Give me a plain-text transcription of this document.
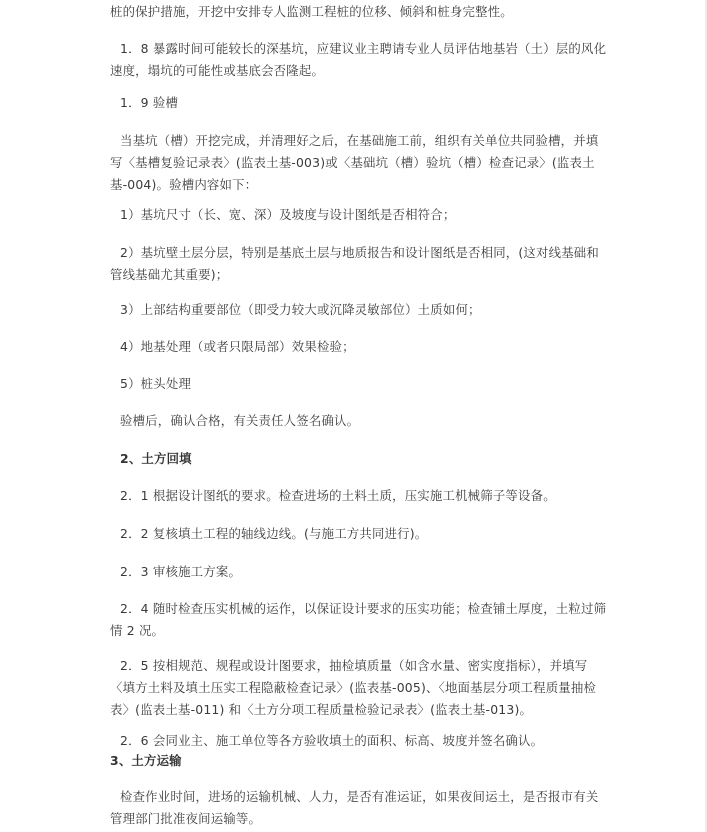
桩的保护措施，开挖中安排专人监测工程桩的位移、倾斜和桩身完整性。

1．8 暴露时间可能较长的深基坑，应建议业主聘请专业人员评估地基岩（土）层的风化速度，塌坑的可能性或基底会否隆起。

1．9 验槽

当基坑（槽）开挖完成，并清理好之后，在基础施工前，组织有关单位共同验槽，并填写〈基槽复验记录表〉(监表土基-003)或〈基础坑（槽）验坑（槽）检查记录〉(监表土基-004)。验槽内容如下：

1）基坑尺寸（长、宽、深）及坡度与设计图纸是否相符合；

2）基坑壁土层分层，特别是基底土层与地质报告和设计图纸是否相同，(这对线基础和管线基础尤其重要)；

3）上部结构重要部位（即受力较大或沉降灵敏部位）土质如何；

4）地基处理（或者只限局部）效果检验；

5）桩头处理

验槽后，确认合格，有关责任人签名确认。

2、土方回填

2．1 根据设计图纸的要求。检查进场的土料土质，压实施工机械筛子等设备。

2．2 复核填土工程的轴线边线。(与施工方共同进行)。

2．3 审核施工方案。

2．4 随时检查压实机械的运作，以保证设计要求的压实功能；检查铺土厚度，土粒过筛情 2 况。

2．5 按相规范、规程或设计图要求，抽检填质量（如含水量、密实度指标），并填写〈填方土料及填土压实工程隐蔽检查记录〉(监表基-005)、〈地面基层分项工程质量抽检表〉(监表土基-011) 和〈土方分项工程质量检验记录表〉(监表土基-013)。

2．6 会同业主、施工单位等各方验收填土的面积、标高、坡度并签名确认。

3、土方运输

检查作业时间，进场的运输机械、人力，是否有准运证，如果夜间运土，是否报市有关管理部门批准夜间运输等。
